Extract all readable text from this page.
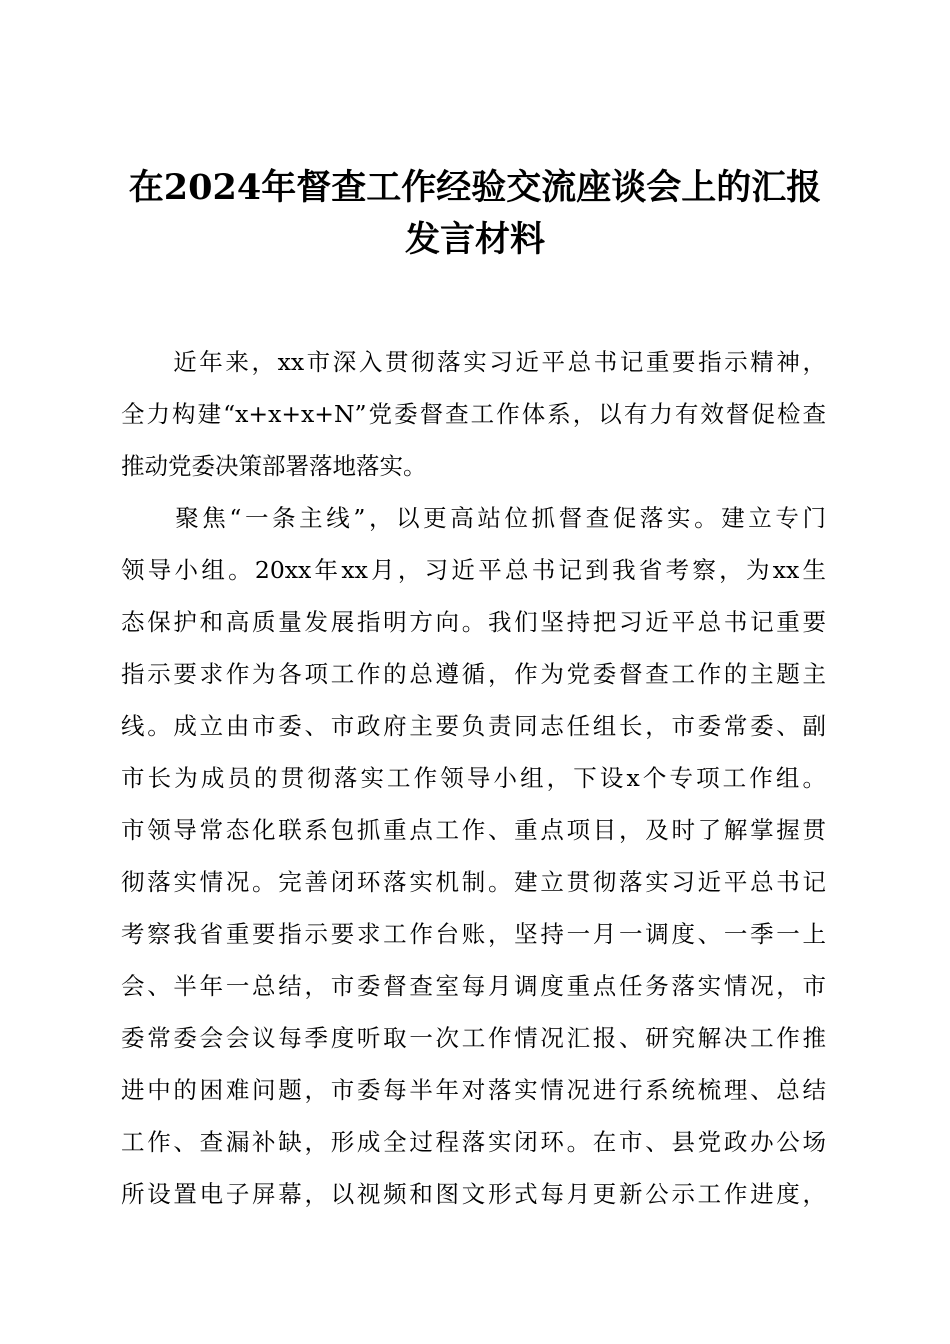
在2024年督查工作经验交流座谈会上的汇报
发言材料

　　近年来，xx市深入贯彻落实习近平总书记重要指示精神，
全力构建“x+x+x+N”党委督查工作体系，以有力有效督促检查
推动党委决策部署落地落实。

　　聚焦“一条主线”，以更高站位抓督查促落实。建立专门
领导小组。20xx年xx月，习近平总书记到我省考察，为xx生
态保护和高质量发展指明方向。我们坚持把习近平总书记重要
指示要求作为各项工作的总遵循，作为党委督查工作的主题主
线。成立由市委、市政府主要负责同志任组长，市委常委、副
市长为成员的贯彻落实工作领导小组，下设x个专项工作组。
市领导常态化联系包抓重点工作、重点项目，及时了解掌握贯
彻落实情况。完善闭环落实机制。建立贯彻落实习近平总书记
考察我省重要指示要求工作台账，坚持一月一调度、一季一上
会、半年一总结，市委督查室每月调度重点任务落实情况，市
委常委会会议每季度听取一次工作情况汇报、研究解决工作推
进中的困难问题，市委每半年对落实情况进行系统梳理、总结
工作、查漏补缺，形成全过程落实闭环。在市、县党政办公场
所设置电子屏幕，以视频和图文形式每月更新公示工作进度，
